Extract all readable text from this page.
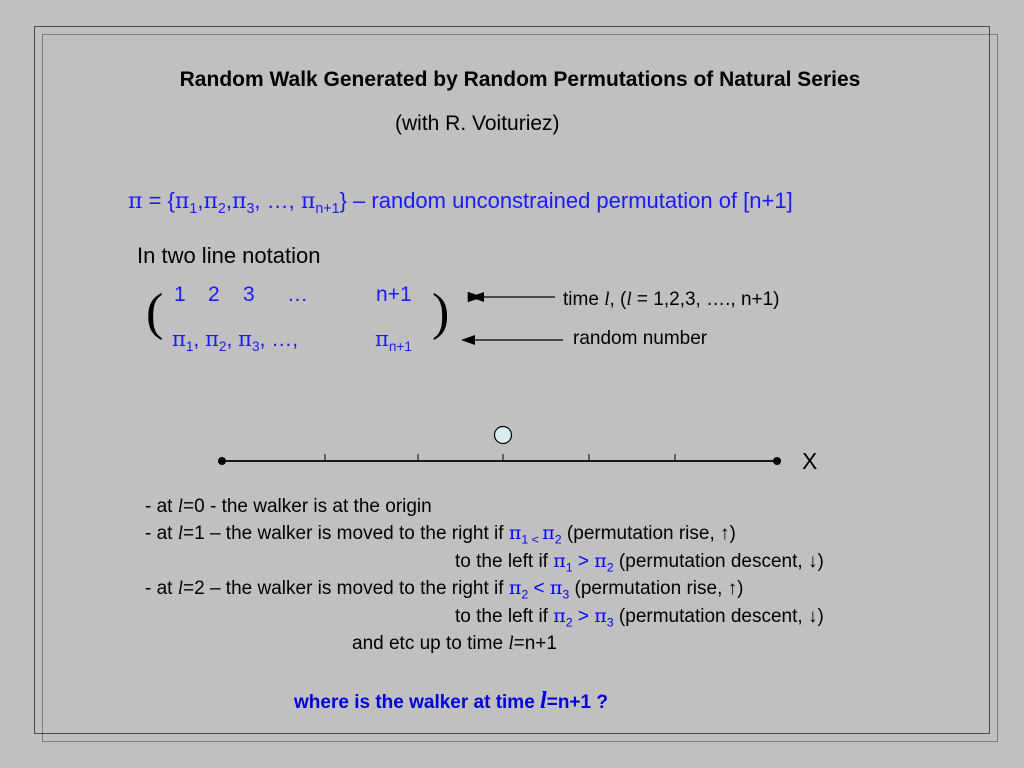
Random Walk Generated by Random Permutations of Natural Series
(with R. Voituriez)
$\pi = \{\pi_1,\pi_2,\pi_3$, …, $\pi_{n+1}$} – random unconstrained permutation of [n+1]
In two line notation
(	)
1 2 3 …	n+1
$\pi_1$, $\pi_2$, $\pi_3$, …,	$\pi_{n+1}$
time l, (l = 1,2,3, …., n+1)
random number
X
- at l=0 - the walker is at the origin
- at l=1 – the walker is moved to the right if $\pi_{1 <}$ $\pi_2$ (permutation rise, ↑)
to the left if $\pi_1 > \pi_2$ (permutation descent, ↓)
- at l=2 – the walker is moved to the right if $\pi_2 < \pi_3$ (permutation rise, ↑)
to the left if $\pi_2 > \pi_3$ (permutation descent, ↓)
and etc up to time l=n+1
where is the walker at time l=n+1 ?
